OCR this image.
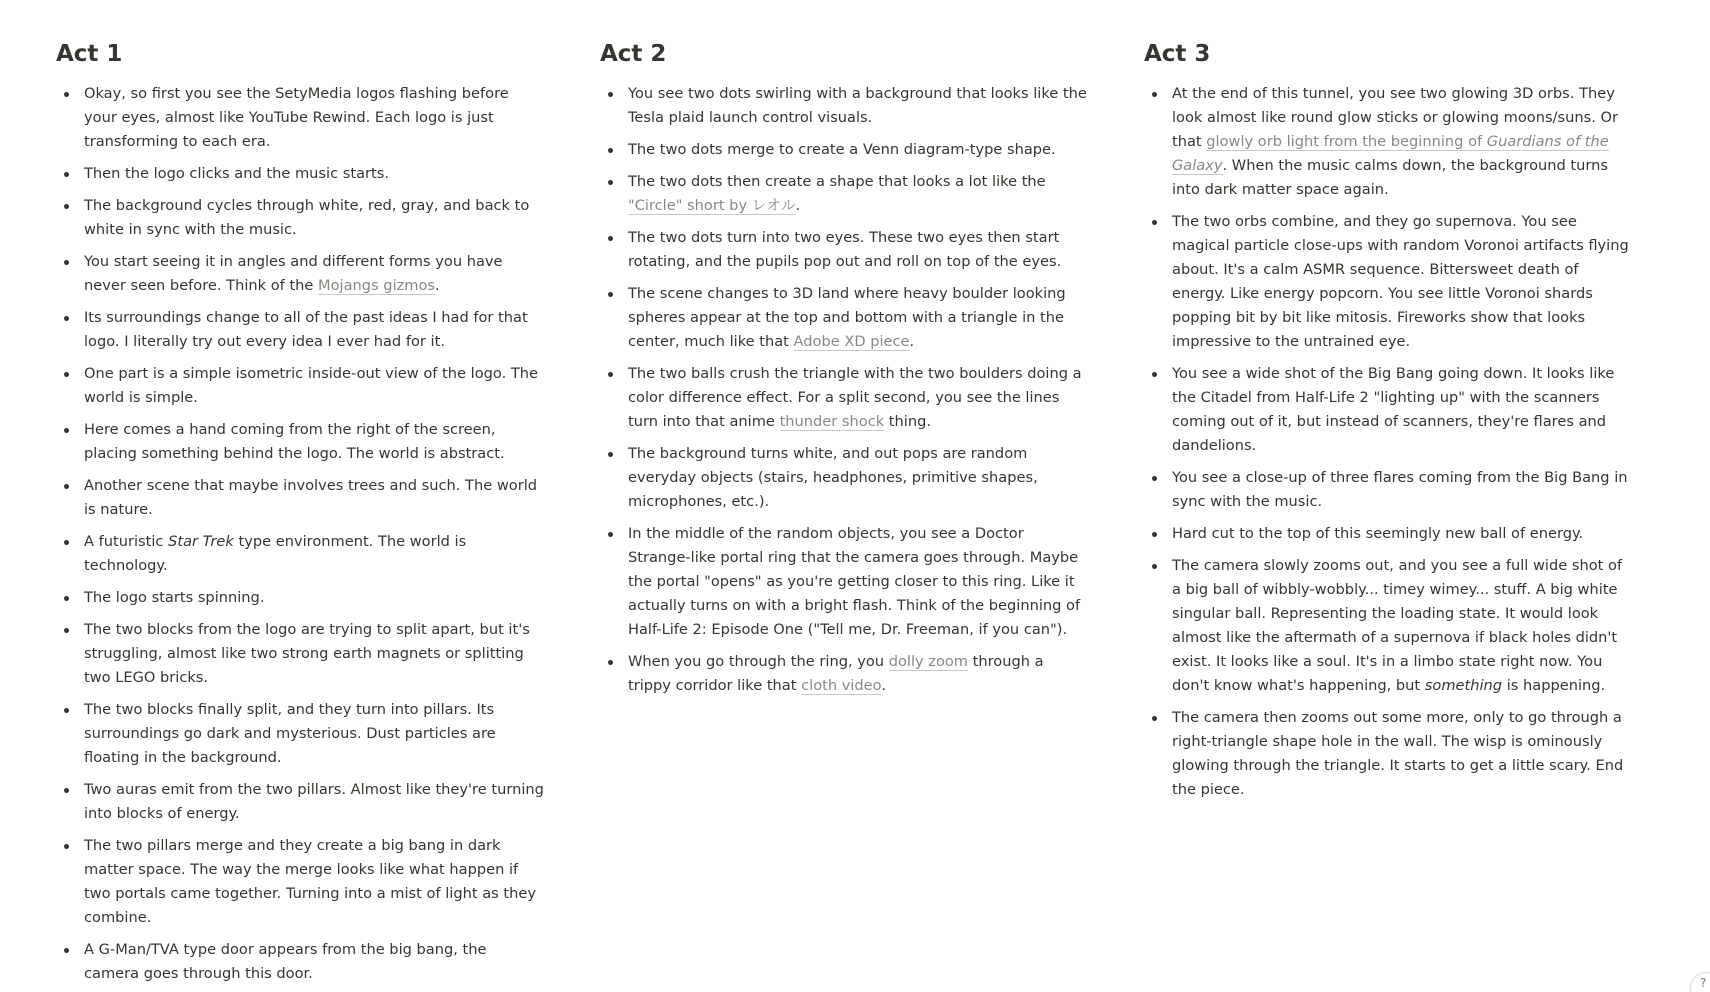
Act 1
Okay, so first you see the SetyMedia logos flashing before your eyes, almost like YouTube Rewind. Each logo is just transforming to each era.
Then the logo clicks and the music starts.
The background cycles through white, red, gray, and back to white in sync with the music.
You start seeing it in angles and different forms you have never seen before. Think of the Mojangs gizmos.
Its surroundings change to all of the past ideas I had for that logo. I literally try out every idea I ever had for it.
One part is a simple isometric inside-out view of the logo. The world is simple.
Here comes a hand coming from the right of the screen, placing something behind the logo. The world is abstract.
Another scene that maybe involves trees and such. The world is nature.
A futuristic Star Trek type environment. The world is technology.
The logo starts spinning.
The two blocks from the logo are trying to split apart, but it's struggling, almost like two strong earth magnets or splitting two LEGO bricks.
The two blocks finally split, and they turn into pillars. Its surroundings go dark and mysterious. Dust particles are floating in the background.
Two auras emit from the two pillars. Almost like they're turning into blocks of energy.
The two pillars merge and they create a big bang in dark matter space. The way the merge looks like what happen if two portals came together. Turning into a mist of light as they combine.
A G-Man/TVA type door appears from the big bang, the camera goes through this door.
Act 2
You see two dots swirling with a background that looks like the Tesla plaid launch control visuals.
The two dots merge to create a Venn diagram-type shape.
The two dots then create a shape that looks a lot like the "Circle" short by レオル.
The two dots turn into two eyes. These two eyes then start rotating, and the pupils pop out and roll on top of the eyes.
The scene changes to 3D land where heavy boulder looking spheres appear at the top and bottom with a triangle in the center, much like that Adobe XD piece.
The two balls crush the triangle with the two boulders doing a color difference effect. For a split second, you see the lines turn into that anime thunder shock thing.
The background turns white, and out pops are random everyday objects (stairs, headphones, primitive shapes, microphones, etc.).
In the middle of the random objects, you see a Doctor Strange-like portal ring that the camera goes through. Maybe the portal "opens" as you're getting closer to this ring. Like it actually turns on with a bright flash. Think of the beginning of Half-Life 2: Episode One ("Tell me, Dr. Freeman, if you can").
When you go through the ring, you dolly zoom through a trippy corridor like that cloth video.
Act 3
At the end of this tunnel, you see two glowing 3D orbs. They look almost like round glow sticks or glowing moons/suns. Or that glowly orb light from the beginning of Guardians of the Galaxy. When the music calms down, the background turns into dark matter space again.
The two orbs combine, and they go supernova. You see magical particle close-ups with random Voronoi artifacts flying about. It's a calm ASMR sequence. Bittersweet death of energy. Like energy popcorn. You see little Voronoi shards popping bit by bit like mitosis. Fireworks show that looks impressive to the untrained eye.
You see a wide shot of the Big Bang going down. It looks like the Citadel from Half-Life 2 "lighting up" with the scanners coming out of it, but instead of scanners, they're flares and dandelions.
You see a close-up of three flares coming from the Big Bang in sync with the music.
Hard cut to the top of this seemingly new ball of energy.
The camera slowly zooms out, and you see a full wide shot of a big ball of wibbly-wobbly... timey wimey... stuff. A big white singular ball. Representing the loading state. It would look almost like the aftermath of a supernova if black holes didn't exist. It looks like a soul. It's in a limbo state right now. You don't know what's happening, but something is happening.
The camera then zooms out some more, only to go through a right-triangle shape hole in the wall. The wisp is ominously glowing through the triangle. It starts to get a little scary. End the piece.
?
